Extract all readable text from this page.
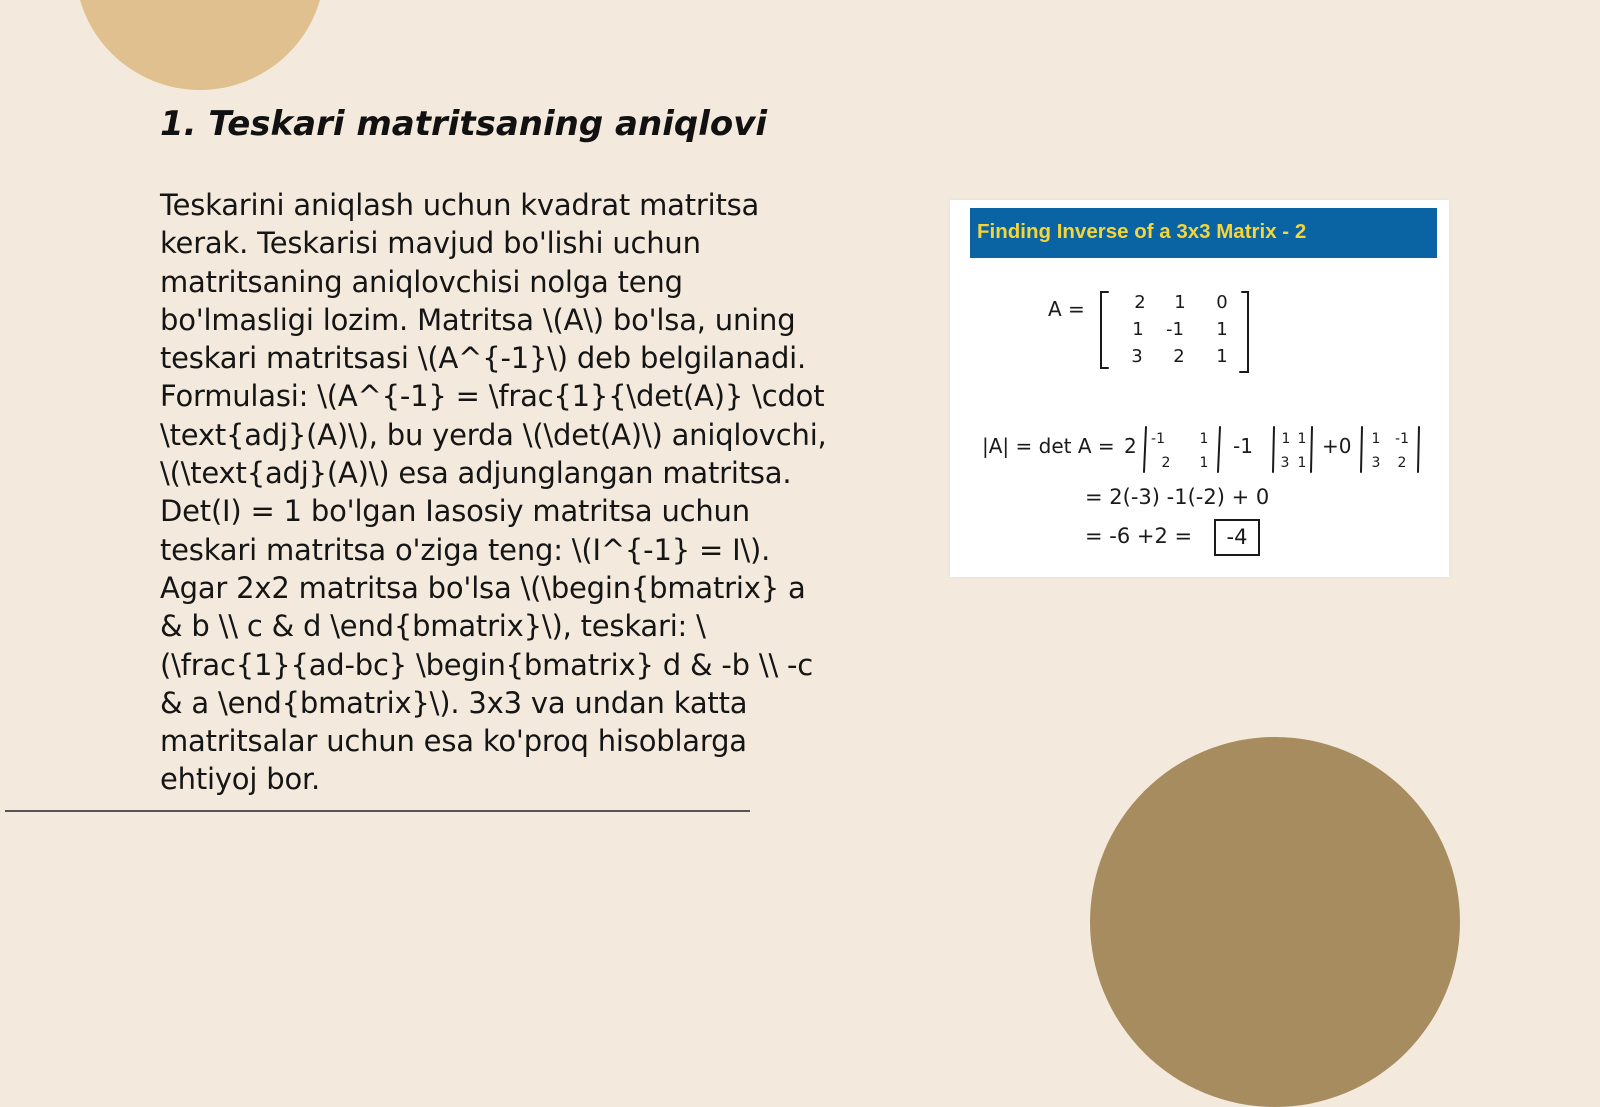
1. Teskari matritsaning aniqlovi

Teskarini aniqlash uchun kvadrat matritsa kerak. Teskarisi mavjud bo'lishi uchun matritsaning aniqlovchisi nolga teng bo'lmasligi lozim. Matritsa \(A\) bo'lsa, uning teskari matritsasi \(A^{-1}\) deb belgilanadi. Formulasi: \(A^{-1} = \frac{1}{\det(A)} \cdot \text{adj}(A)\), bu yerda \(\det(A)\) aniqlovchi, \(\text{adj}(A)\) esa adjunglangan matritsa. Det(I) = 1 bo'lgan Iasosiy matritsa uchun teskari matritsa o'ziga teng: \(I^{-1} = I\). Agar 2x2 matritsa bo'lsa \(\begin{bmatrix} a & b \\ c & d \end{bmatrix}\), teskari: \(\frac{1}{ad-bc} \begin{bmatrix} d & -b \\ -c & a \end{bmatrix}\). 3x3 va undan katta matritsalar uchun esa ko'proq hisoblarga ehtiyoj bor.

Finding Inverse of a 3x3 Matrix - 2
A =	2 1 0
1 -1 1
3 2 1
|A| = det A = 2 -1 1
2 1
-1 1 1
3 1
+0 1 -1
3 2
= 2(-3) -1(-2) + 0
= -6 +2 = -4
